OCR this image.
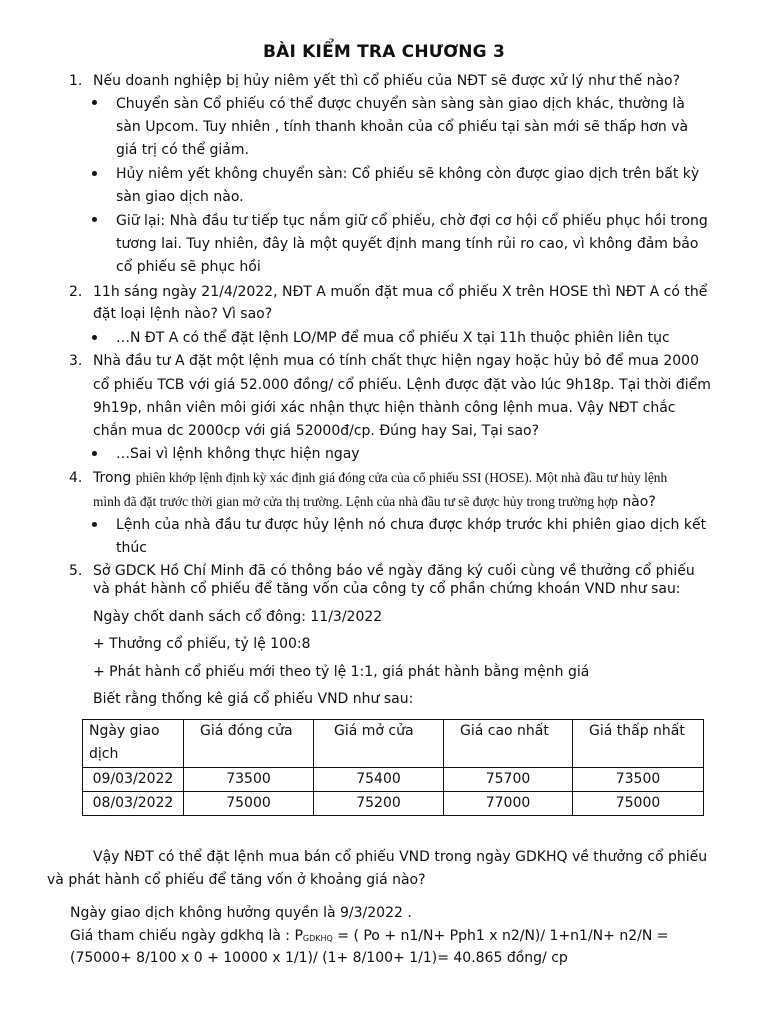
BÀI KIỂM TRA CHƯƠNG 3
1. Nếu doanh nghiệp bị hủy niêm yết thì cổ phiếu của NĐT sẽ được xử lý như thế nào?
Chuyển sàn Cổ phiếu có thể được chuyển sàn sàng sàn giao dịch khác, thường là
sàn Upcom. Tuy nhiên , tính thanh khoản của cổ phiếu tại sàn mới sẽ thấp hơn và
giá trị có thể giảm.
Hủy niêm yết không chuyển sàn: Cổ phiếu sẽ không còn được giao dịch trên bất kỳ
sàn giao dịch nào.
Giữ lại: Nhà đầu tư tiếp tục nắm giữ cổ phiếu, chờ đợi cơ hội cổ phiếu phục hồi trong
tương lai. Tuy nhiên, đây là một quyết định mang tính rủi ro cao, vì không đảm bảo
cổ phiếu sẽ phục hồi
2. 11h sáng ngày 21/4/2022, NĐT A muốn đặt mua cổ phiếu X trên HOSE thì NĐT A có thể
đặt loại lệnh nào? Vì sao?
…N ĐT A có thể đặt lệnh LO/MP để mua cổ phiếu X tại 11h thuộc phiên liên tục
3. Nhà đầu tư A đặt một lệnh mua có tính chất thực hiện ngay hoặc hủy bỏ để mua 2000
cổ phiếu TCB với giá 52.000 đồng/ cổ phiếu. Lệnh được đặt vào lúc 9h18p. Tại thời điểm
9h19p, nhân viên môi giới xác nhận thực hiện thành công lệnh mua. Vậy NĐT chắc
chắn mua dc 2000cp với giá 52000đ/cp. Đúng hay Sai, Tại sao?
…Sai vì lệnh không thực hiện ngay
4. Trong phiên khớp lệnh định kỳ xác định giá đóng cửa của cổ phiếu SSI (HOSE). Một nhà đầu tư hủy lệnh
mình đã đặt trước thời gian mở cửa thị trường. Lệnh của nhà đầu tư sẽ được hủy trong trường hợp nào?
Lệnh của nhà đầu tư được hủy lệnh nó chưa được khớp trước khi phiên giao dịch kết
thúc
5. Sở GDCK Hồ Chí Minh đã có thông báo về ngày đăng ký cuối cùng về thưởng cổ phiếu
và phát hành cổ phiếu để tăng vốn của công ty cổ phần chứng khoán VND như sau:
Ngày chốt danh sách cổ đông: 11/3/2022
+ Thưởng cổ phiếu, tỷ lệ 100:8
+ Phát hành cổ phiếu mới theo tỷ lệ 1:1, giá phát hành bằng mệnh giá
Biết rằng thống kê giá cổ phiếu VND như sau:
Ngày giao dịch	Giá đóng cửa	Giá mở cửa	Giá cao nhất	Giá thấp nhất
09/03/2022	73500	75400	75700	73500
08/03/2022	75000	75200	77000	75000
Vậy NĐT có thể đặt lệnh mua bán cổ phiếu VND trong ngày GDKHQ về thưởng cổ phiếu
và phát hành cổ phiếu để tăng vốn ở khoảng giá nào?
Ngày giao dịch không hưởng quyền là 9/3/2022 .
Giá tham chiếu ngày gdkhq là : PGDKHQ = ( Po + n1/N+ Pph1 x n2/N)/ 1+n1/N+ n2/N =
(75000+ 8/100 x 0 + 10000 x 1/1)/ (1+ 8/100+ 1/1)= 40.865 đồng/ cp
